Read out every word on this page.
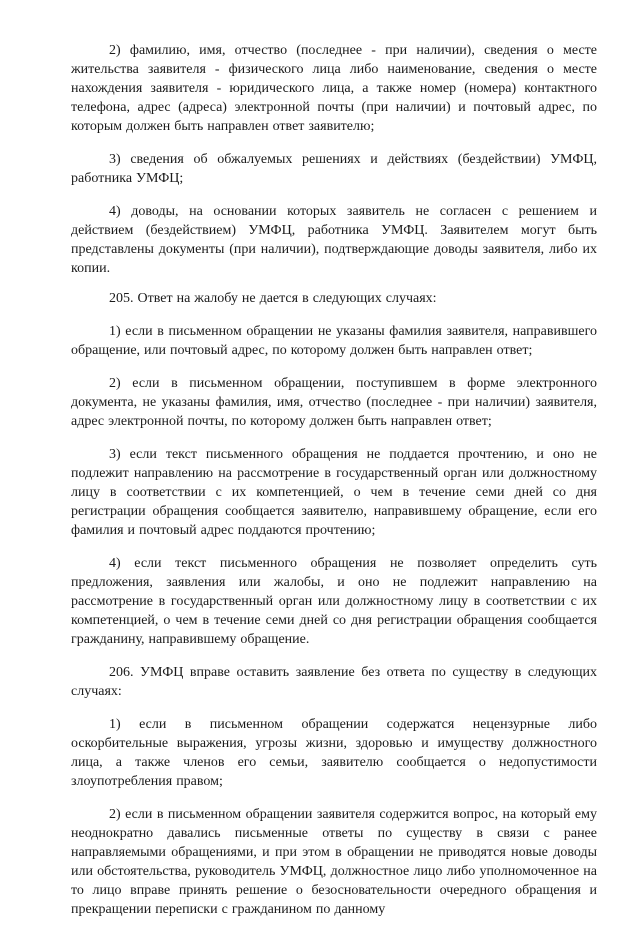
2) фамилию, имя, отчество (последнее - при наличии), сведения о месте жительства заявителя - физического лица либо наименование, сведения о месте нахождения заявителя - юридического лица, а также номер (номера) контактного телефона, адрес (адреса) электронной почты (при наличии) и почтовый адрес, по которым должен быть направлен ответ заявителю;

3) сведения об обжалуемых решениях и действиях (бездействии) УМФЦ, работника УМФЦ;

4) доводы, на основании которых заявитель не согласен с решением и действием (бездействием) УМФЦ, работника УМФЦ. Заявителем могут быть представлены документы (при наличии), подтверждающие доводы заявителя, либо их копии.

205. Ответ на жалобу не дается в следующих случаях:

1) если в письменном обращении не указаны фамилия заявителя, направившего обращение, или почтовый адрес, по которому должен быть направлен ответ;

2) если в письменном обращении, поступившем в форме электронного документа, не указаны фамилия, имя, отчество (последнее - при наличии) заявителя, адрес электронной почты, по которому должен быть направлен ответ;

3) если текст письменного обращения не поддается прочтению, и оно не подлежит направлению на рассмотрение в государственный орган или должностному лицу в соответствии с их компетенцией, о чем в течение семи дней со дня регистрации обращения сообщается заявителю, направившему обращение, если его фамилия и почтовый адрес поддаются прочтению;

4) если текст письменного обращения не позволяет определить суть предложения, заявления или жалобы, и оно не подлежит направлению на рассмотрение в государственный орган или должностному лицу в соответствии с их компетенцией, о чем в течение семи дней со дня регистрации обращения сообщается гражданину, направившему обращение.

206. УМФЦ вправе оставить заявление без ответа по существу в следующих случаях:

1) если в письменном обращении содержатся нецензурные либо оскорбительные выражения, угрозы жизни, здоровью и имуществу должностного лица, а также членов его семьи, заявителю сообщается о недопустимости злоупотребления правом;

2) если в письменном обращении заявителя содержится вопрос, на который ему неоднократно давались письменные ответы по существу в связи с ранее направляемыми обращениями, и при этом в обращении не приводятся новые доводы или обстоятельства, руководитель УМФЦ, должностное лицо либо уполномоченное на то лицо вправе принять решение о безосновательности очередного обращения и прекращении переписки с гражданином по данному
